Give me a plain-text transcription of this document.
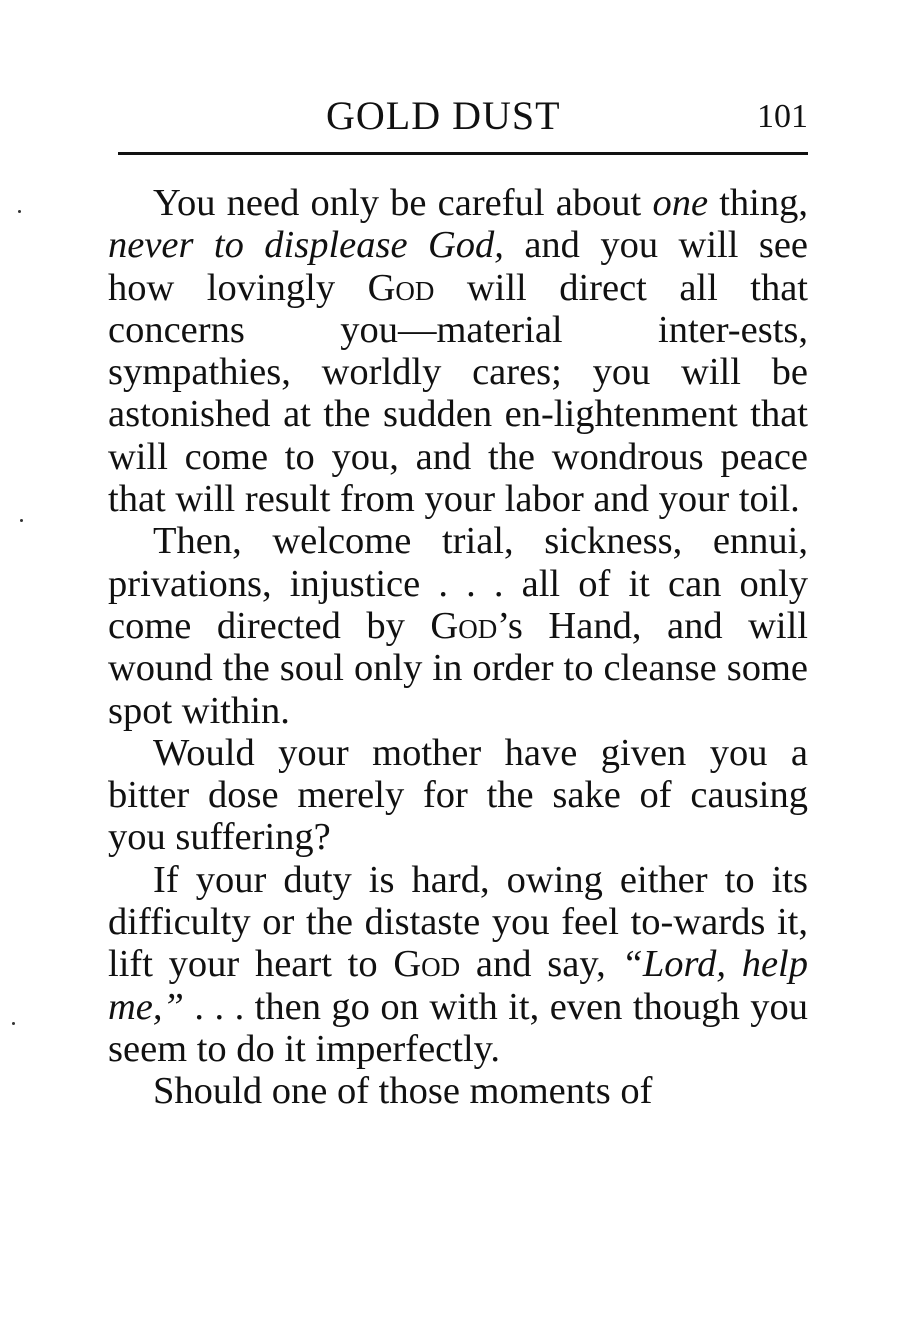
GOLD DUST	101

You need only be careful about one thing, never to displease God, and you will see how lovingly God will direct all that concerns you—material inter-ests, sympathies, worldly cares; you will be astonished at the sudden en-lightenment that will come to you, and the wondrous peace that will result from your labor and your toil.

Then, welcome trial, sickness, ennui, privations, injustice . . . all of it can only come directed by God’s Hand, and will wound the soul only in order to cleanse some spot within.

Would your mother have given you a bitter dose merely for the sake of causing you suffering?

If your duty is hard, owing either to its difficulty or the distaste you feel to-wards it, lift your heart to God and say, “Lord, help me,” . . . then go on with it, even though you seem to do it imperfectly.

Should one of those moments of
